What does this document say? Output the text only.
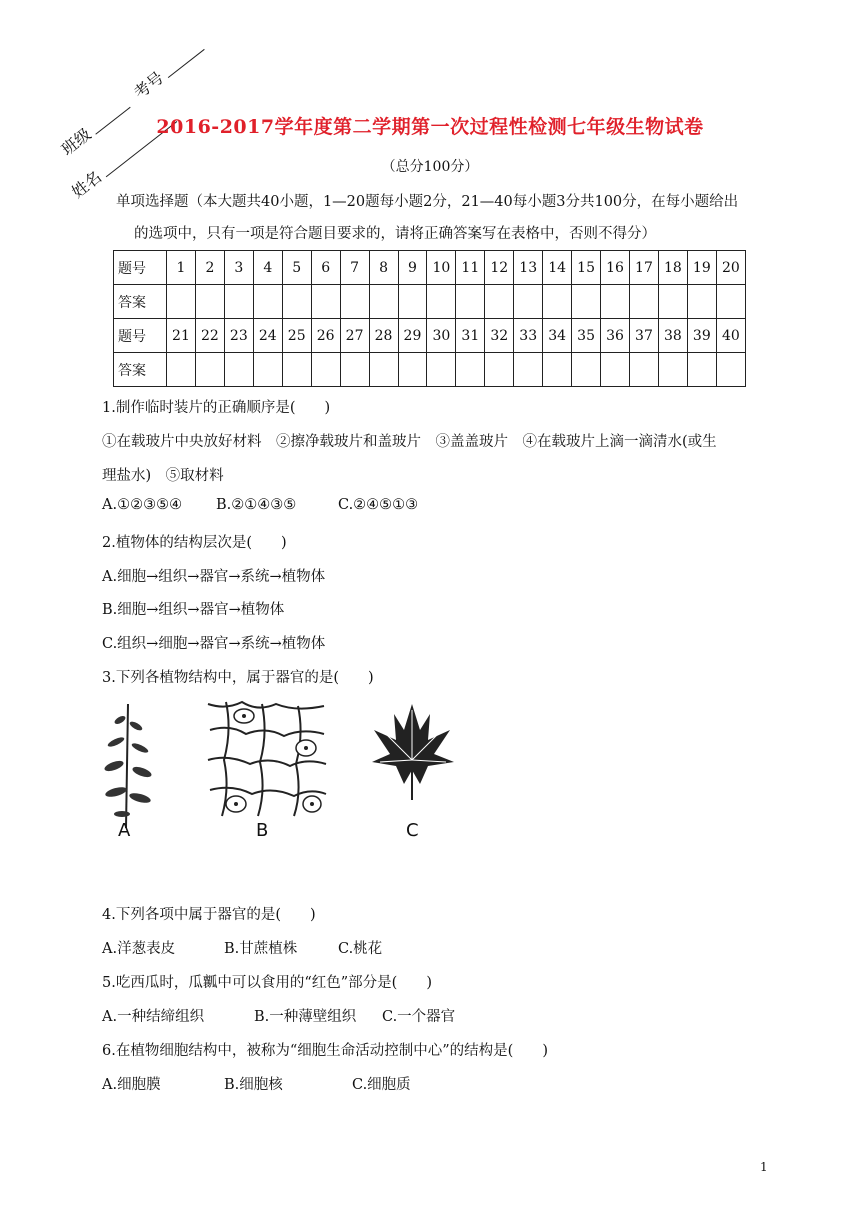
班级
考号
姓名
2016-2017学年度第二学期第一次过程性检测七年级生物试卷
（总分100分）
单项选择题（本大题共40小题，1—20题每小题2分，21—40每小题3分共100分，在每小题给出
的选项中，只有一项是符合题目要求的，请将正确答案写在表格中，否则不得分）
题号	1	2	3	4	5	6	7	8	9	10	11	12	13	14	15	16	17	18	19	20
答案																				
题号	21	22	23	24	25	26	27	28	29	30	31	32	33	34	35	36	37	38	39	40
答案																				
1.制作临时装片的正确顺序是(　　)
①在载玻片中央放好材料　②擦净载玻片和盖玻片　③盖盖玻片　④在载玻片上滴一滴清水(或生
理盐水)　⑤取材料
A.①②③⑤④ B.②①④③⑤	C.②④⑤①③
2.植物体的结构层次是(　　)
A.细胞→组织→器官→系统→植物体
B.细胞→组织→器官→植物体
C.组织→细胞→器官→系统→植物体
3.下列各植物结构中，属于器官的是(　　)
A	B	C
4.下列各项中属于器官的是(　　)
A.洋葱表皮	B.甘蔗植株	C.桃花
5.吃西瓜时，瓜瓤中可以食用的“红色”部分是(　　)
A.一种结缔组织	B.一种薄壁组织 C.一个器官
6.在植物细胞结构中，被称为“细胞生命活动控制中心”的结构是(　　)
A.细胞膜	B.细胞核	C.细胞质
1
